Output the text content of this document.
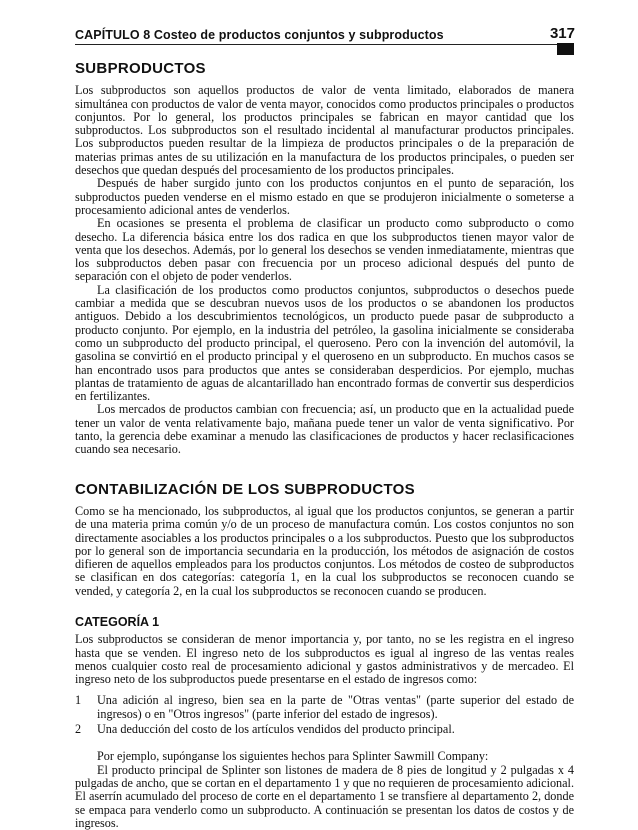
CAPÍTULO 8 Costeo de productos conjuntos y subproductos	317
SUBPRODUCTOS

Los subproductos son aquellos productos de valor de venta limitado, elaborados de manera simultánea con productos de valor de venta mayor, conocidos como productos principales o productos conjuntos. Por lo general, los productos principales se fabrican en mayor cantidad que los subproductos. Los subproductos son el resultado incidental al manufacturar productos principales. Los subproductos pueden resultar de la limpieza de productos principales o de la preparación de materias primas antes de su utilización en la manufactura de los productos principales, o pueden ser desechos que quedan después del procesamiento de los productos principales.

Después de haber surgido junto con los productos conjuntos en el punto de separación, los subproductos pueden venderse en el mismo estado en que se produjeron inicialmente o someterse a procesamiento adicional antes de venderlos.

En ocasiones se presenta el problema de clasificar un producto como subproducto o como desecho. La diferencia básica entre los dos radica en que los subproductos tienen mayor valor de venta que los desechos. Además, por lo general los desechos se venden inmediatamente, mientras que los subproductos deben pasar con frecuencia por un proceso adicional después del punto de separación con el objeto de poder venderlos.

La clasificación de los productos como productos conjuntos, subproductos o desechos puede cambiar a medida que se descubran nuevos usos de los productos o se abandonen los productos antiguos. Debido a los descubrimientos tecnológicos, un producto puede pasar de subproducto a producto conjunto. Por ejemplo, en la industria del petróleo, la gasolina inicialmente se consideraba como un subproducto del producto principal, el queroseno. Pero con la invención del automóvil, la gasolina se convirtió en el producto principal y el queroseno en un subproducto. En muchos casos se han encontrado usos para productos que antes se consideraban desperdicios. Por ejemplo, muchas plantas de tratamiento de aguas de alcantarillado han encontrado formas de convertir sus desperdicios en fertilizantes.

Los mercados de productos cambian con frecuencia; así, un producto que en la actualidad puede tener un valor de venta relativamente bajo, mañana puede tener un valor de venta significativo. Por tanto, la gerencia debe examinar a menudo las clasificaciones de productos y hacer reclasificaciones cuando sea necesario.

CONTABILIZACIÓN DE LOS SUBPRODUCTOS

Como se ha mencionado, los subproductos, al igual que los productos conjuntos, se generan a partir de una materia prima común y/o de un proceso de manufactura común. Los costos conjuntos no son directamente asociables a los productos principales o a los subproductos. Puesto que los subproductos por lo general son de importancia secundaria en la producción, los métodos de asignación de costos difieren de aquellos empleados para los productos conjuntos. Los métodos de costeo de subproductos se clasifican en dos categorías: categoría 1, en la cual los subproductos se reconocen cuando se vended, y categoría 2, en la cual los subproductos se reconocen cuando se producen.

CATEGORÍA 1

Los subproductos se consideran de menor importancia y, por tanto, no se les registra en el ingreso hasta que se venden. El ingreso neto de los subproductos es igual al ingreso de las ventas reales menos cualquier costo real de procesamiento adicional y gastos administrativos y de mercadeo. El ingreso neto de los subproductos puede presentarse en el estado de ingresos como:

1	Una adición al ingreso, bien sea en la parte de "Otras ventas" (parte superior del estado de ingresos) o en "Otros ingresos" (parte inferior del estado de ingresos).
2	Una deducción del costo de los artículos vendidos del producto principal.

Por ejemplo, supónganse los siguientes hechos para Splinter Sawmill Company:

El producto principal de Splinter son listones de madera de 8 pies de longitud y 2 pulgadas x 4 pulgadas de ancho, que se cortan en el departamento 1 y que no requieren de procesamiento adicional. El aserrín acumulado del proceso de corte en el departamento 1 se transfiere al departamento 2, donde se empaca para venderlo como un subproducto. A continuación se presentan los datos de costos y de ingresos.
